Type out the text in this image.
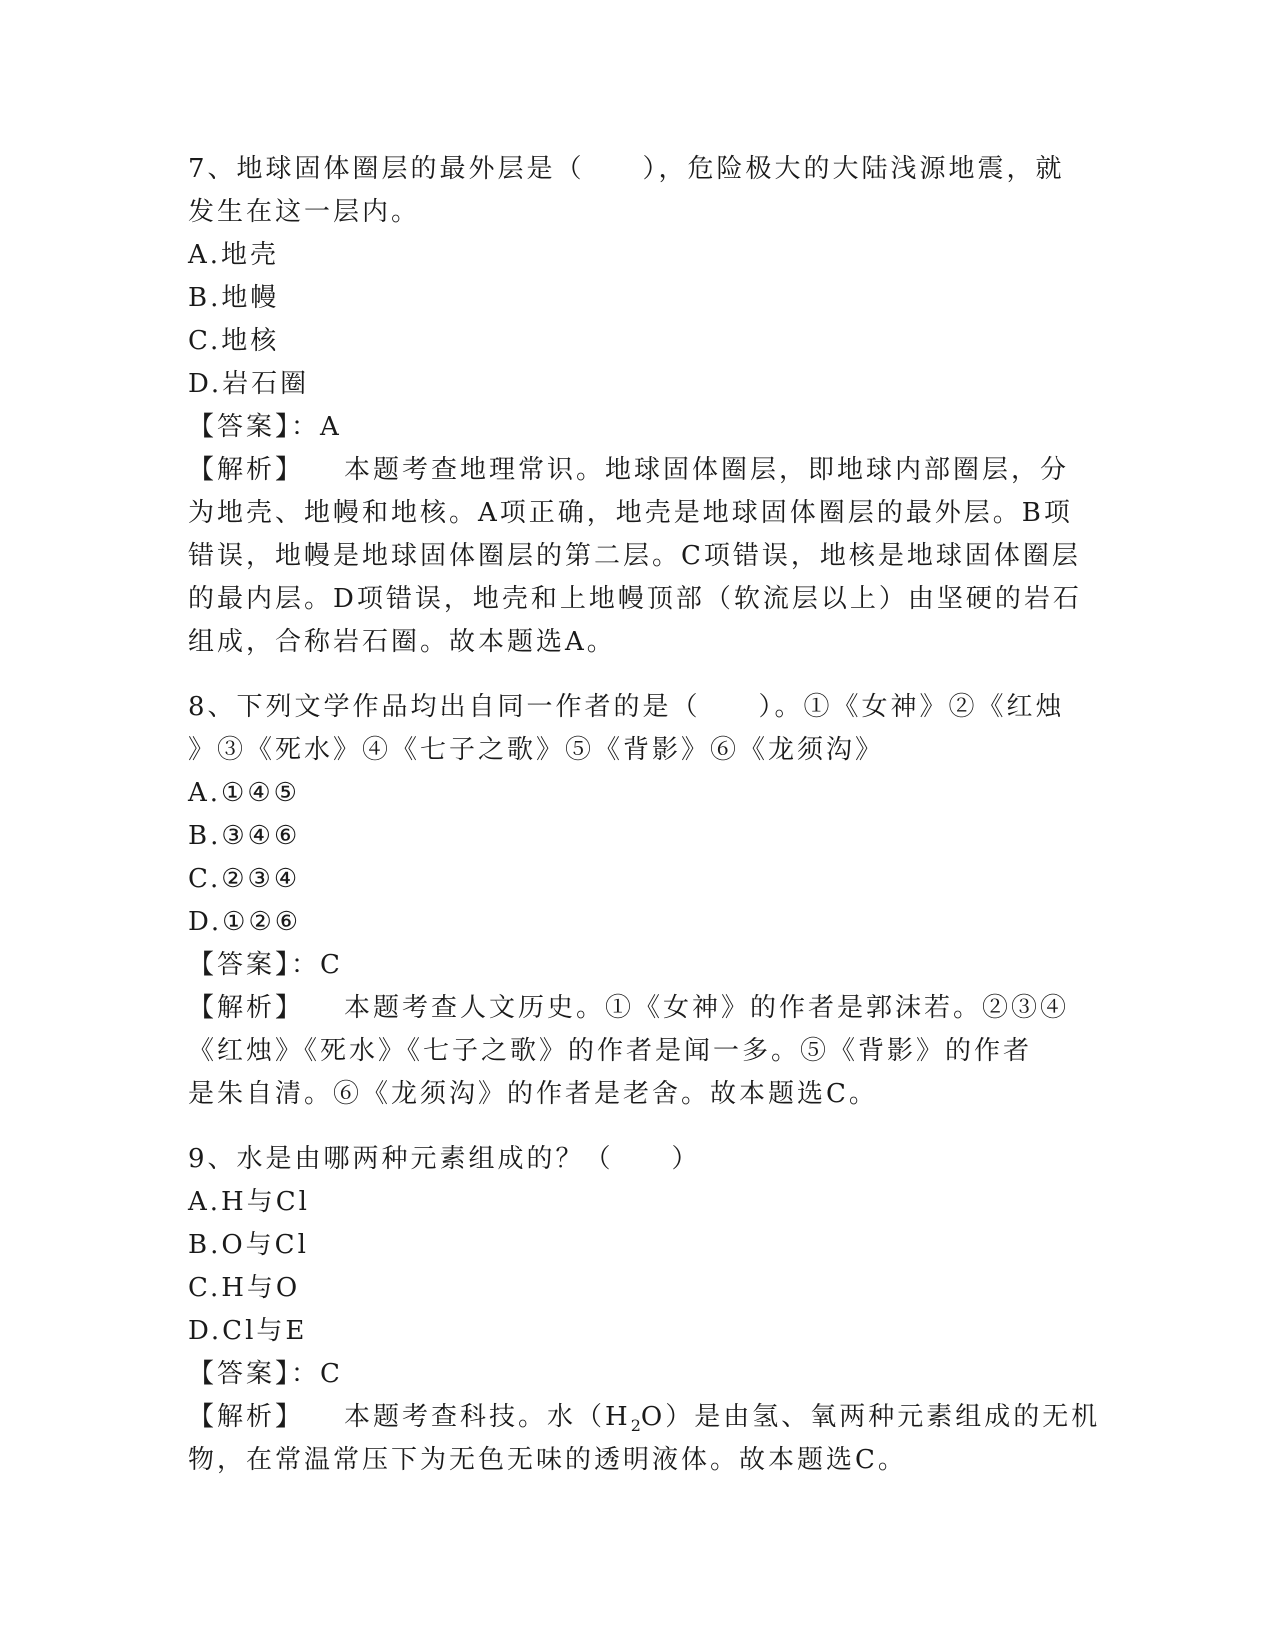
7、地球固体圈层的最外层是（　　），危险极大的大陆浅源地震，就
发生在这一层内。
A.地壳
B.地幔
C.地核
D.岩石圈
【答案】：A
【解析】 本题考查地理常识。地球固体圈层，即地球内部圈层，分
为地壳、地幔和地核。A项正确，地壳是地球固体圈层的最外层。B项
错误，地幔是地球固体圈层的第二层。C项错误，地核是地球固体圈层
的最内层。D项错误，地壳和上地幔顶部（软流层以上）由坚硬的岩石
组成，合称岩石圈。故本题选A。
8、下列文学作品均出自同一作者的是（　　）。①《女神》②《红烛
》③《死水》④《七子之歌》⑤《背影》⑥《龙须沟》
A.①④⑤
B.③④⑥
C.②③④
D.①②⑥
【答案】：C
【解析】 本题考查人文历史。①《女神》的作者是郭沫若。②③④
《红烛》《死水》《七子之歌》的作者是闻一多。⑤《背影》的作者
是朱自清。⑥《龙须沟》的作者是老舍。故本题选C。
9、水是由哪两种元素组成的？（　　）
A.H与Cl
B.O与Cl
C.H与O
D.Cl与E
【答案】：C
【解析】 本题考查科技。水$(H_2O)$是由氢、氧两种元素组成的无机
物，在常温常压下为无色无味的透明液体。故本题选C。
